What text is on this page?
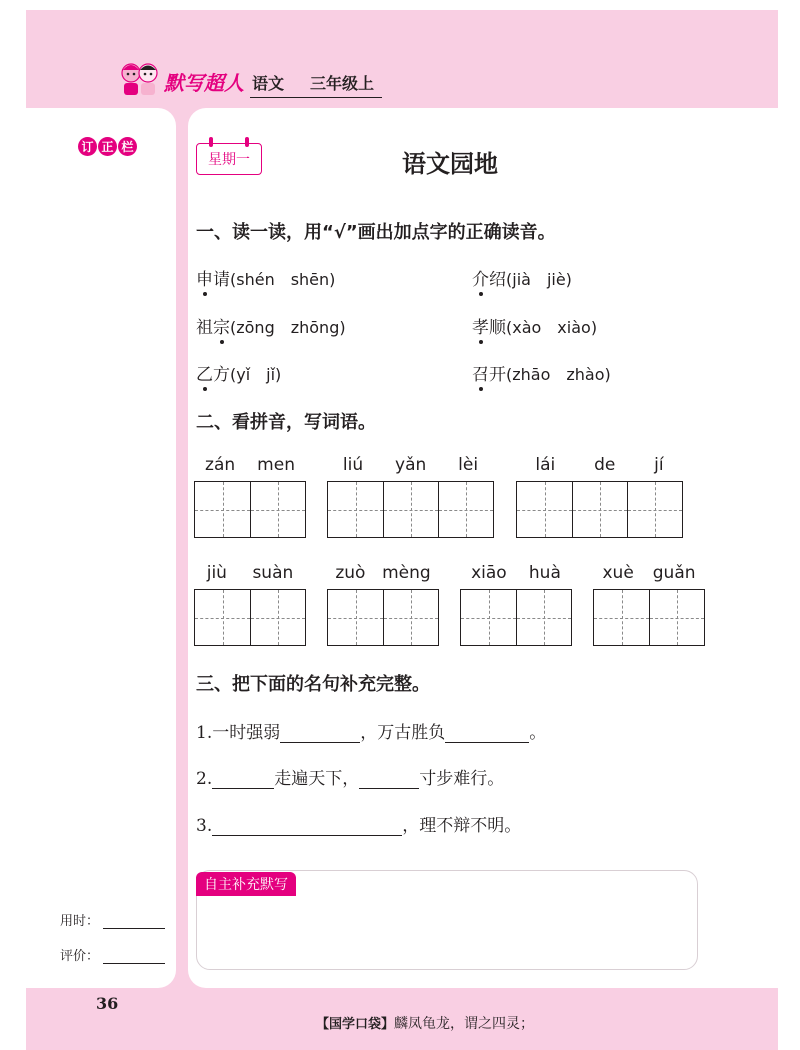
默写超人 语文 三年级上
订 正 栏
星期一	语文园地
一、读一读，用“√”画出加点字的正确读音。
申请(shén　shēn)	介绍(jià　jiè)
祖宗(zōng　zhōng)	孝顺(xào　xiào)
乙方(yǐ　jǐ)	召开(zhāo　zhào)
二、看拼音，写词语。
zán men	liú yǎn lèi	lái de jí
jiù suàn zuò mèng xiāo huà xuè guǎn
三、把下面的名句补充完整。
1. 一时强弱	，万古胜负	。
2.	走遍天下，	寸步难行。
3.	，理不辩不明。
自主补充默写
用时：
评价：
36
【国学口袋】麟凤龟龙，谓之四灵；
